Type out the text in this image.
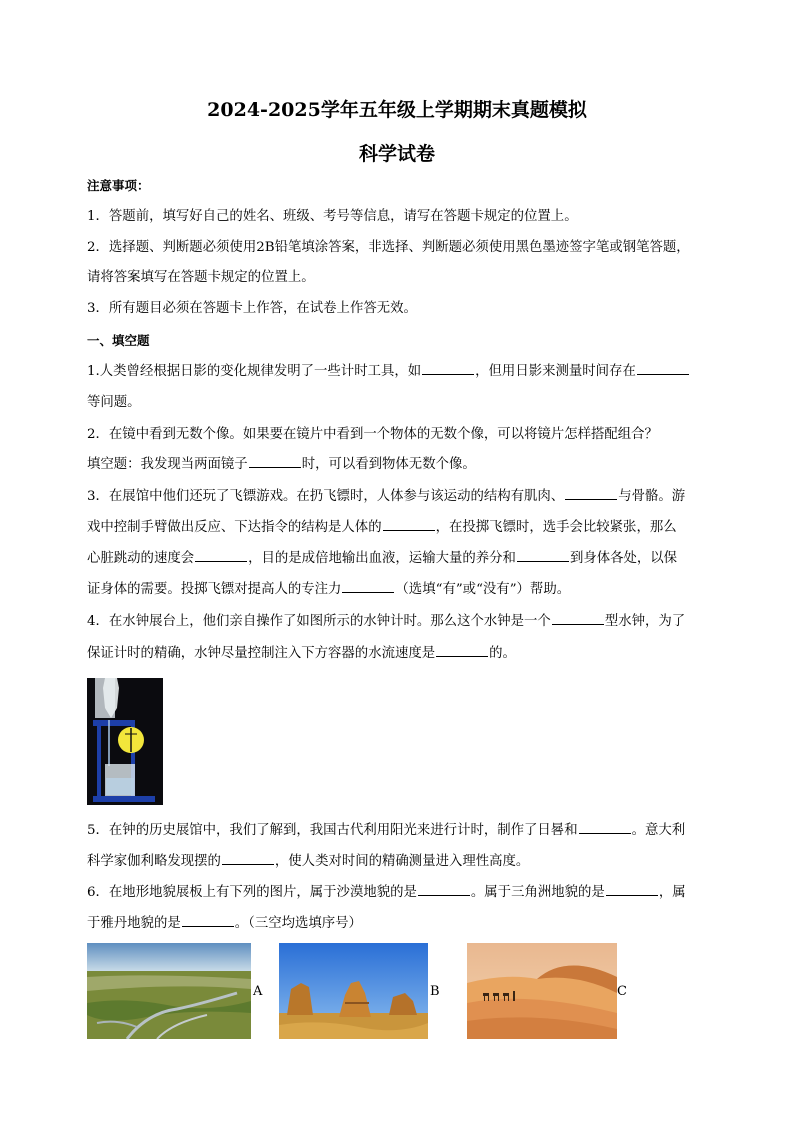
2024-2025学年五年级上学期期末真题模拟
科学试卷
注意事项：
1．答题前，填写好自己的姓名、班级、考号等信息，请写在答题卡规定的位置上。
2．选择题、判断题必须使用2B铅笔填涂答案，非选择、判断题必须使用黑色墨迹签字笔或钢笔答题，
请将答案填写在答题卡规定的位置上。
3．所有题目必须在答题卡上作答，在试卷上作答无效。
一、填空题
1.人类曾经根据日影的变化规律发明了一些计时工具，如	，但用日影来测量时间存在
等问题。
2．在镜中看到无数个像。如果要在镜片中看到一个物体的无数个像，可以将镜片怎样搭配组合？
填空题：我发现当两面镜子	时，可以看到物体无数个像。
3．在展馆中他们还玩了飞镖游戏。在扔飞镖时，人体参与该运动的结构有肌肉、	与骨骼。游
戏中控制手臂做出反应、下达指令的结构是人体的	，在投掷飞镖时，选手会比较紧张，那么
心脏跳动的速度会	，目的是成倍地输出血液，运输大量的养分和	到身体各处，以保
证身体的需要。投掷飞镖对提高人的专注力	（选填“有”或“没有”）帮助。
4．在水钟展台上，他们亲自操作了如图所示的水钟计时。那么这个水钟是一个	型水钟，为了
保证计时的精确，水钟尽量控制注入下方容器的水流速度是	的。
5．在钟的历史展馆中，我们了解到，我国古代利用阳光来进行计时，制作了日晷和	。意大利
科学家伽利略发现摆的	，使人类对时间的精确测量进入理性高度。
6．在地形地貌展板上有下列的图片，属于沙漠地貌的是	。属于三角洲地貌的是	，属
于雅丹地貌的是	。（三空均选填序号）
A	B	C
